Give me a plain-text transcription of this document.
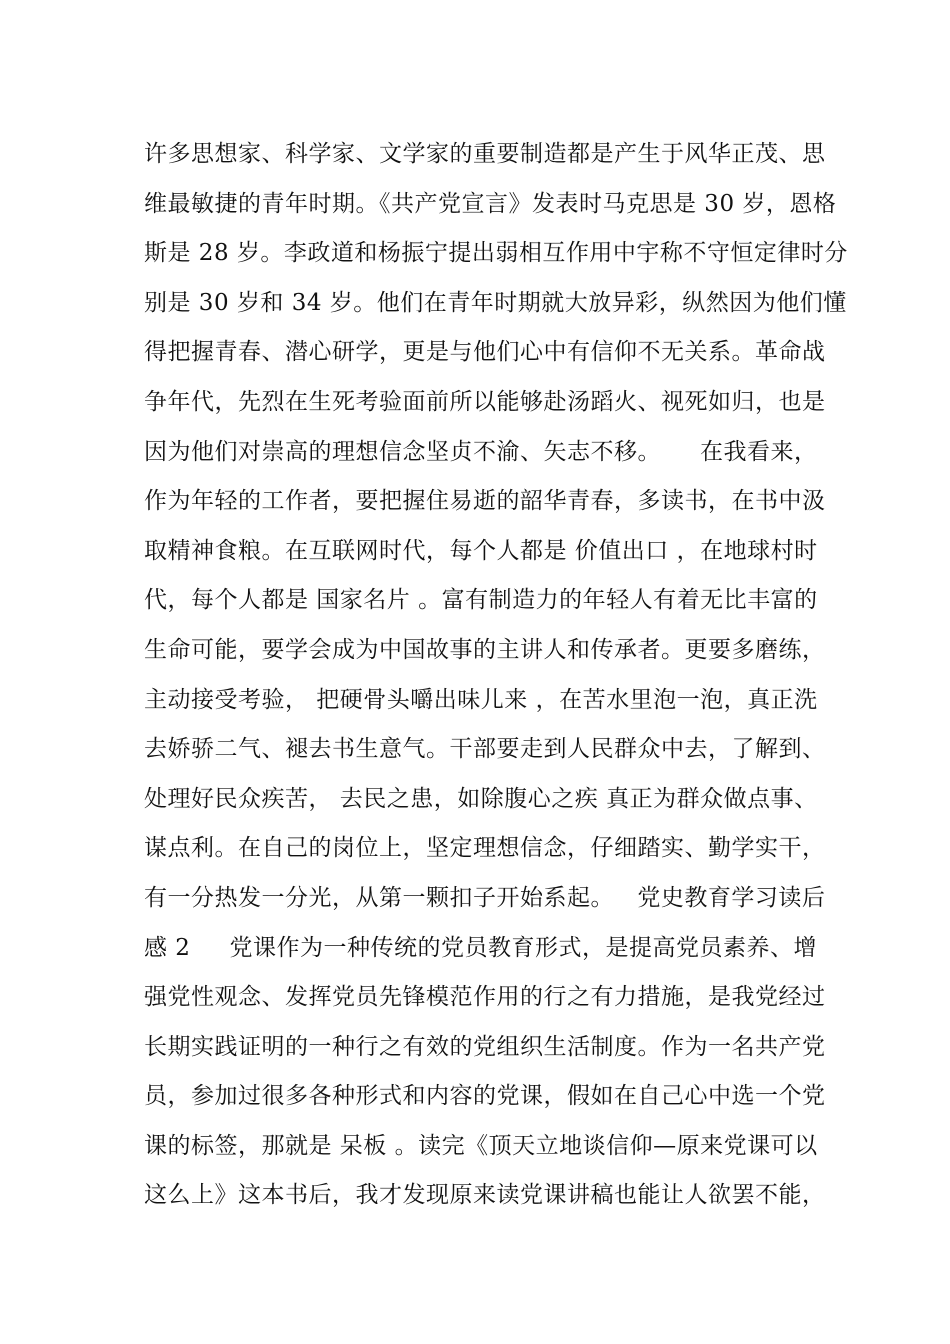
许多思想家、科学家、文学家的重要制造都是产生于风华正茂、思
维最敏捷的青年时期。《共产党宣言》发表时马克思是 30 岁，恩格
斯是 28 岁。李政道和杨振宁提出弱相互作用中宇称不守恒定律时分
别是 30 岁和 34 岁。他们在青年时期就大放异彩，纵然因为他们懂
得把握青春、潜心研学，更是与他们心中有信仰不无关系。革命战
争年代，先烈在生死考验面前所以能够赴汤蹈火、视死如归，也是
因为他们对崇高的理想信念坚贞不渝、矢志不移。     在我看来，
作为年轻的工作者，要把握住易逝的韶华青春，多读书，在书中汲
取精神食粮。在互联网时代，每个人都是 价值出口 ，在地球村时
代，每个人都是 国家名片 。富有制造力的年轻人有着无比丰富的
生命可能，要学会成为中国故事的主讲人和传承者。更要多磨练，
主动接受考验， 把硬骨头嚼出味儿来 ，在苦水里泡一泡，真正洗
去娇骄二气、褪去书生意气。干部要走到人民群众中去，了解到、
处理好民众疾苦， 去民之患，如除腹心之疾 真正为群众做点事、
谋点利。在自己的岗位上，坚定理想信念，仔细踏实、勤学实干，
有一分热发一分光，从第一颗扣子开始系起。   党史教育学习读后
感 2     党课作为一种传统的党员教育形式，是提高党员素养、增
强党性观念、发挥党员先锋模范作用的行之有力措施，是我党经过
长期实践证明的一种行之有效的党组织生活制度。作为一名共产党
员，参加过很多各种形式和内容的党课，假如在自己心中选一个党
课的标签，那就是 呆板 。读完《顶天立地谈信仰—原来党课可以
这么上》这本书后，我才发现原来读党课讲稿也能让人欲罢不能，
